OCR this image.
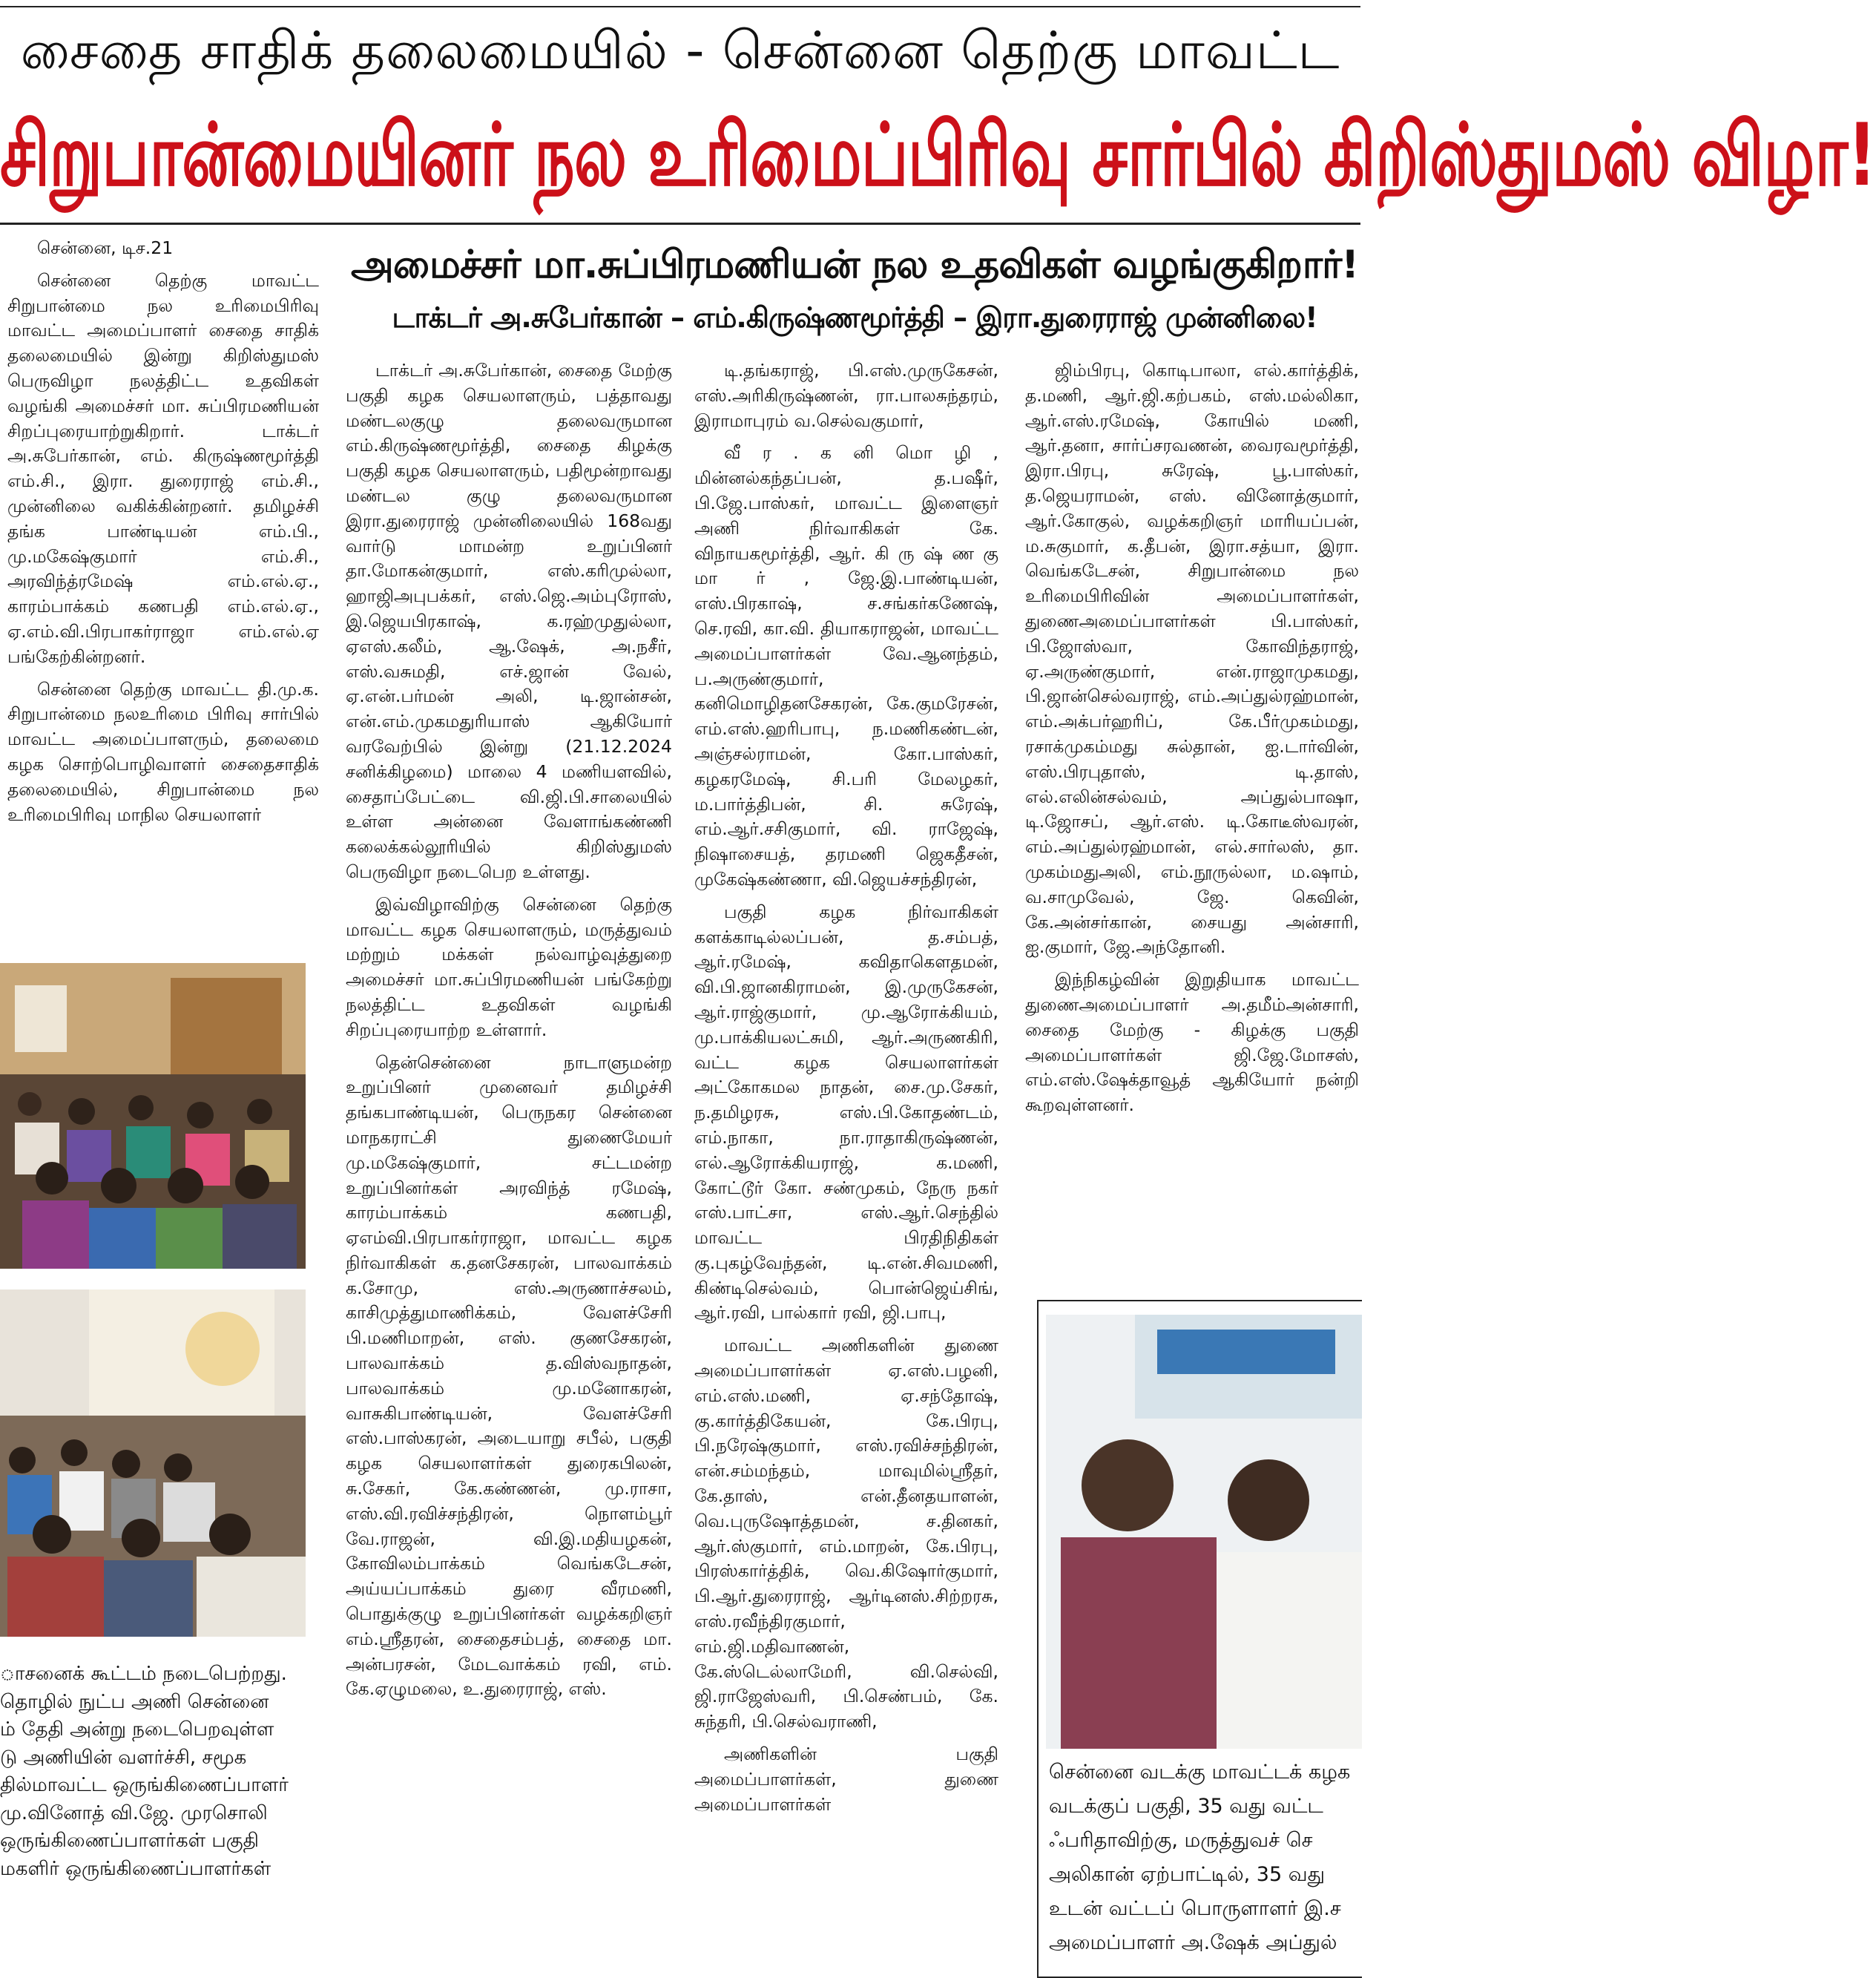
சைதை சாதிக் தலைமையில் - சென்னை தெற்கு மாவட்ட
சிறுபான்மையினர் நல உரிமைப்பிரிவு சார்பில் கிறிஸ்துமஸ் விழா!
அமைச்சர் மா.சுப்பிரமணியன் நல உதவிகள் வழங்குகிறார்!
டாக்டர் அ.சுபேர்கான் – எம்.கிருஷ்ணமூர்த்தி – இரா.துரைராஜ் முன்னிலை!

சென்னை, டிச.21

சென்னை தெற்கு மாவட்ட சிறுபான்மை நல உரிமைபிரிவு மாவட்ட அமைப்பாளர் சைதை சாதிக் தலைமையில் இன்று கிறிஸ்துமஸ் பெருவிழா நலத்திட்ட உதவிகள் வழங்கி அமைச்சர் மா. சுப்பிரமணியன் சிறப்புரையாற்றுகிறார். டாக்டர் அ.சுபேர்கான், எம். கிருஷ்ணமூர்த்தி எம்.சி., இரா. துரைராஜ் எம்.சி., முன்னிலை வகிக்கின்றனர். தமிழச்சி தங்க பாண்டியன் எம்.பி., மு.மகேஷ்குமார் எம்.சி., அரவிந்த்ரமேஷ் எம்.எல்.ஏ., காரம்பாக்கம் கணபதி எம்.எல்.ஏ., ஏ.எம்.வி.பிரபாகர்ராஜா எம்.எல்.ஏ பங்கேற்கின்றனர்.

சென்னை தெற்கு மாவட்ட தி.மு.க. சிறுபான்மை நலஉரிமை பிரிவு சார்பில் மாவட்ட அமைப்பாளரும், தலைமை கழக சொற்பொழிவாளர் சைதைசாதிக் தலைமையில், சிறுபான்மை நல உரிமைபிரிவு மாநில செயலாளர்

டாக்டர் அ.சுபேர்கான், சைதை மேற்கு பகுதி கழக செயலாளரும், பத்தாவது மண்டலகுழு தலைவருமான எம்.கிருஷ்ணமூர்த்தி, சைதை கிழக்கு பகுதி கழக செயலாளரும், பதிமூன்றாவது மண்டல குழு தலைவருமான இரா.துரைராஜ் முன்னிலையில் 168வது வார்டு மாமன்ற உறுப்பினர் தா.மோகன்குமார், எஸ்.கரிமுல்லா, ஹாஜிஅபுபக்கர், எஸ்.ஜெ.அம்புரோஸ், இ.ஜெயபிரகாஷ், க.ரஹ்முதுல்லா, ஏஎஸ்.கலீம், ஆ.ஷேக், அ.நசீர், எஸ்.வசுமதி, எச்.ஜான் வேல், ஏ.என்.பர்மன் அலி, டி.ஜான்சன், என்.எம்.முகமதுரியாஸ் ஆகியோர் வரவேற்பில் இன்று (21.12.2024 சனிக்கிழமை) மாலை 4 மணியளவில், சைதாப்பேட்டை வி.ஜி.பி.சாலையில் உள்ள அன்னை வேளாங்கண்ணி கலைக்கல்லூரியில் கிறிஸ்துமஸ் பெருவிழா நடைபெற உள்ளது.

இவ்விழாவிற்கு சென்னை தெற்கு மாவட்ட கழக செயலாளரும், மருத்துவம் மற்றும் மக்கள் நல்வாழ்வுத்துறை அமைச்சர் மா.சுப்பிரமணியன் பங்கேற்று நலத்திட்ட உதவிகள் வழங்கி சிறப்புரையாற்ற உள்ளார்.

தென்சென்னை நாடாளுமன்ற உறுப்பினர் முனைவர் தமிழச்சி தங்கபாண்டியன், பெருநகர சென்னை மாநகராட்சி துணைமேயர் மு.மகேஷ்குமார், சட்டமன்ற உறுப்பினர்கள் அரவிந்த் ரமேஷ், காரம்பாக்கம் கணபதி, ஏஎம்வி.பிரபாகர்ராஜா, மாவட்ட கழக நிர்வாகிகள் க.தனசேகரன், பாலவாக்கம் க.சோமு, எஸ்.அருணாச்சலம், காசிமுத்துமாணிக்கம், வேளச்சேரி பி.மணிமாறன், எஸ். குணசேகரன், பாலவாக்கம் த.விஸ்வநாதன், பாலவாக்கம் மு.மனோகரன், வாசுகிபாண்டியன், வேளச்சேரி எஸ்.பாஸ்கரன், அடையாறு சபீல், பகுதி கழக செயலாளர்கள் துரைகபிலன், சு.சேகர், கே.கண்ணன், மு.ராசா, எஸ்.வி.ரவிச்சந்திரன், நொளம்பூர் வே.ராஜன், வி.இ.மதியழகன், கோவிலம்பாக்கம் வெங்கடேசன், அய்யப்பாக்கம் துரை வீரமணி, பொதுக்குழு உறுப்பினர்கள் வழக்கறிஞர் எம்.ஸ்ரீதரன், சைதைசம்பத், சைதை மா. அன்பரசன், மேடவாக்கம் ரவி, எம். கே.ஏழுமலை, உ.துரைராஜ், எஸ்.

டி.தங்கராஜ், பி.எஸ்.முருகேசன், எஸ்.அரிகிருஷ்ணன், ரா.பாலசுந்தரம், இராமாபுரம் வ.செல்வகுமார்,

வீ ர . க னி மொ ழி , மின்னல்கந்தப்பன், த.பஷீர், பி.ஜே.பாஸ்கர், மாவட்ட இளைஞர் அணி நிர்வாகிகள் கே. விநாயகமூர்த்தி, ஆர். கி ரு ஷ் ண கு மா ர் , ஜே.இ.பாண்டியன், எஸ்.பிரகாஷ், ச.சங்கர்கணேஷ், செ.ரவி, கா.வி. தியாகராஜன், மாவட்ட அமைப்பாளர்கள் வே.ஆனந்தம், ப.அருண்குமார், கனிமொழிதனசேகரன், கே.குமரேசன், எம்.எஸ்.ஹரிபாபு, ந.மணிகண்டன், அஞ்சல்ராமன், கோ.பாஸ்கர், கழகரமேஷ், சி.பரி மேலழகர், ம.பார்த்திபன், சி. சுரேஷ், எம்.ஆர்.சசிகுமார், வி. ராஜேஷ், நிஷாசையத், தரமணி ஜெகதீசன், முகேஷ்கண்ணா, வி.ஜெயச்சந்திரன்,

பகுதி கழக நிர்வாகிகள் களக்காடில்லப்பன், த.சம்பத், ஆர்.ரமேஷ், கவிதாகௌதமன், வி.பி.ஜானகிராமன், இ.முருகேசன், ஆர்.ராஜ்குமார், மு.ஆரோக்கியம், மு.பாக்கியலட்சுமி, ஆர்.அருணகிரி, வட்ட கழக செயலாளர்கள் அட்கோகமல நாதன், சை.மு.சேகர், ந.தமிழரசு, எஸ்.பி.கோதண்டம், எம்.நாகா, நா.ராதாகிருஷ்ணன், எல்.ஆரோக்கியராஜ், க.மணி, கோட்டூர் கோ. சண்முகம், நேரு நகர் எஸ்.பாட்சா, எஸ்.ஆர்.செந்தில் மாவட்ட பிரதிநிதிகள் கு.புகழ்வேந்தன், டி.என்.சிவமணி, கிண்டிசெல்வம், பொன்ஜெய்சிங், ஆர்.ரவி, பால்கார் ரவி, ஜி.பாபு,

மாவட்ட அணிகளின் துணை அமைப்பாளர்கள் ஏ.எஸ்.பழனி, எம்.எஸ்.மணி, ஏ.சந்தோஷ், கு.கார்த்திகேயன், கே.பிரபு, பி.நரேஷ்குமார், எஸ்.ரவிச்சந்திரன், என்.சம்மந்தம், மாவுமில்ஸ்ரீதர், கே.தாஸ், என்.தீனதயாளன், வெ.புருஷோத்தமன், ச.தினகர், ஆர்.ஸ்குமார், எம்.மாறன், கே.பிரபு, பிரஸ்கார்த்திக், வெ.கிஷோர்குமார், பி.ஆர்.துரைராஜ், ஆர்டினஸ்.சிற்றரசு, எஸ்.ரவீந்திரகுமார், எம்.ஜி.மதிவாணன், கே.ஸ்டெல்லாமேரி, வி.செல்வி, ஜி.ராஜேஸ்வரி, பி.செண்பம், கே. சுந்தரி, பி.செல்வராணி,

அணிகளின் பகுதி அமைப்பாளர்கள், துணை அமைப்பாளர்கள்

ஜிம்பிரபு, கொடிபாலா, எல்.கார்த்திக், த.மணி, ஆர்.ஜி.கற்பகம், எஸ்.மல்லிகா, ஆர்.எஸ்.ரமேஷ், கோயில் மணி, ஆர்.தனா, சார்ப்சரவணன், வைரவமூர்த்தி, இரா.பிரபு, சுரேஷ், பூ.பாஸ்கர், த.ஜெயராமன், எஸ். வினோத்குமார், ஆர்.கோகுல், வழக்கறிஞர் மாரியப்பன், ம.சுகுமார், க.தீபன், இரா.சத்யா, இரா. வெங்கடேசன், சிறுபான்மை நல உரிமைபிரிவின் அமைப்பாளர்கள், துணைஅமைப்பாளர்கள் பி.பாஸ்கர், பி.ஜோஸ்வா, கோவிந்தராஜ், ஏ.அருண்குமார், என்.ராஜாமுகமது, பி.ஜான்செல்வராஜ், எம்.அப்துல்ரஹ்மான், எம்.அக்பர்ஹரிப், கே.பீர்முகம்மது, ரசாக்முகம்மது சுல்தான், ஐ.டார்வின், எஸ்.பிரபுதாஸ், டி.தாஸ், எல்.எலின்சல்வம், அப்துல்பாஷா, டி.ஜோசப், ஆர்.எஸ். டி.கோடீஸ்வரன், எம்.அப்துல்ரஹ்மான், எல்.சார்லஸ், தா. முகம்மதுஅலி, எம்.நூருல்லா, ம.ஷாம், வ.சாமுவேல், ஜே. கெவின், கே.அன்சர்கான், சையது அன்சாரி, ஐ.குமார், ஜே.அந்தோனி.

இந்நிகழ்வின் இறுதியாக மாவட்ட துணைஅமைப்பாளர் அ.தமீம்அன்சாரி, சைதை மேற்கு - கிழக்கு பகுதி அமைப்பாளர்கள் ஜி.ஜே.மோசஸ், எம்.எஸ்.ஷேக்தாவூத் ஆகியோர் நன்றி கூறவுள்ளனர்.

ாசனைக் கூட்டம் நடைபெற்றது.

தொழில் நுட்ப அணி சென்னை

ம் தேதி அன்று நடைபெறவுள்ள

டு அணியின் வளர்ச்சி, சமூக

தில்மாவட்ட ஒருங்கிணைப்பாளர்

மு.வினோத் வி.ஜே. முரசொலி

ஒருங்கிணைப்பாளர்கள் பகுதி

மகளிர் ஒருங்கிணைப்பாளர்கள்

சென்னை வடக்கு மாவட்டக் கழக
வடக்குப் பகுதி, 35 வது வட்ட
ஃபரிதாவிற்கு, மருத்துவச் செ
அலிகான் ஏற்பாட்டில், 35 வது
உடன் வட்டப் பொருளாளர் இ.ச
அமைப்பாளர் அ.ஷேக் அப்துல்
